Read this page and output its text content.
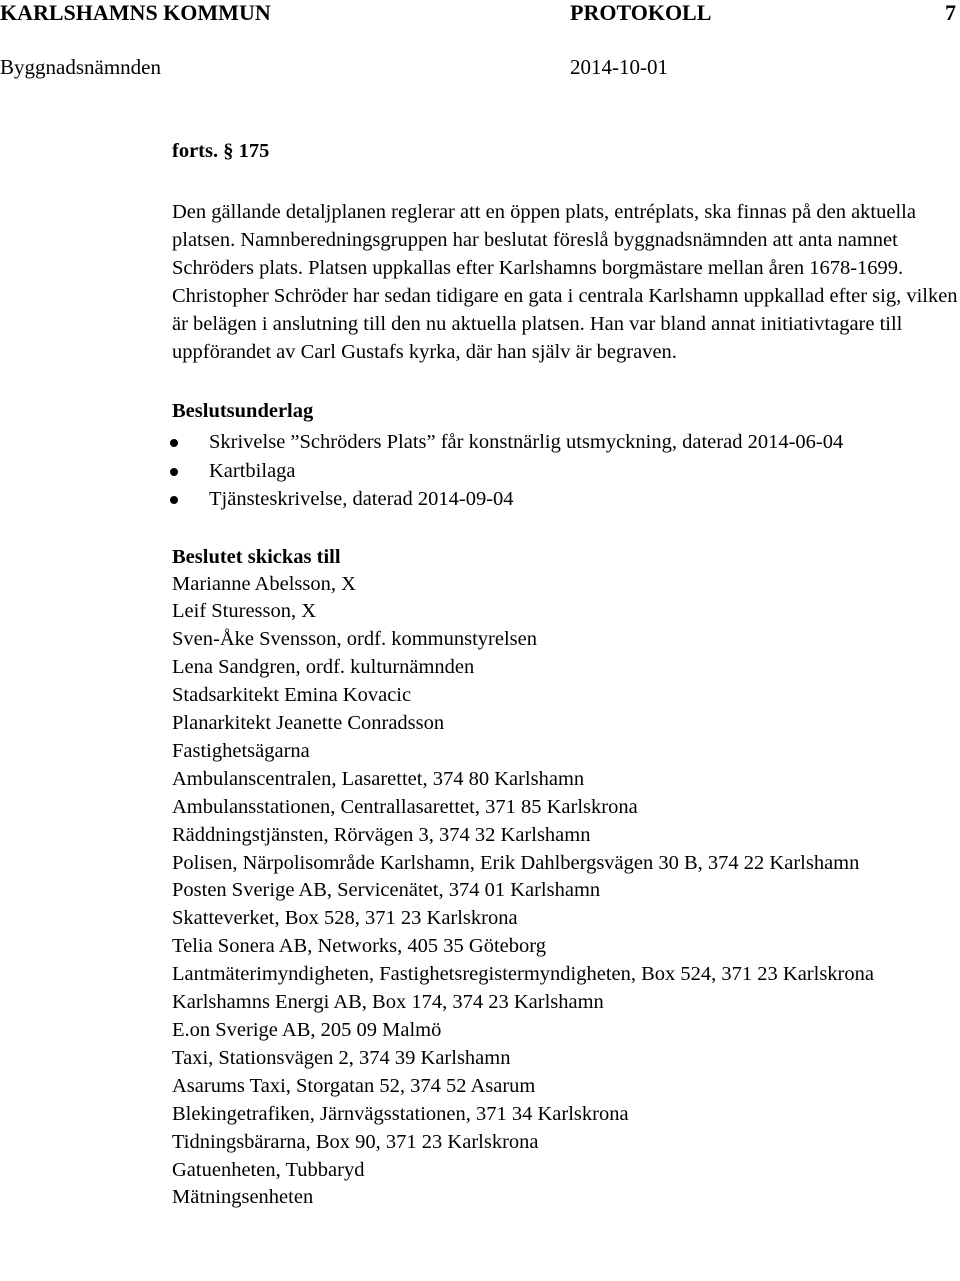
KARLSHAMNS KOMMUN	PROTOKOLL	7
Byggnadsnämnden	2014-10-01
forts. § 175
Den gällande detaljplanen reglerar att en öppen plats, entréplats, ska finnas på den aktuella platsen. Namnberedningsgruppen har beslutat föreslå byggnadsnämnden att anta namnet Schröders plats. Platsen uppkallas efter Karlshamns borgmästare mellan åren 1678-1699. Christopher Schröder har sedan tidigare en gata i centrala Karlshamn uppkallad efter sig, vilken är belägen i anslutning till den nu aktuella platsen. Han var bland annat initiativtagare till uppförandet av Carl Gustafs kyrka, där han själv är begraven.
Beslutsunderlag
Skrivelse ”Schröders Plats” får konstnärlig utsmyckning, daterad 2014-06-04
Kartbilaga
Tjänsteskrivelse, daterad 2014-09-04
Beslutet skickas till
Marianne Abelsson, X
Leif Sturesson, X
Sven-Åke Svensson, ordf. kommunstyrelsen
Lena Sandgren, ordf. kulturnämnden
Stadsarkitekt Emina Kovacic
Planarkitekt Jeanette Conradsson
Fastighetsägarna
Ambulanscentralen, Lasarettet, 374 80 Karlshamn
Ambulansstationen, Centrallasarettet, 371 85 Karlskrona
Räddningstjänsten, Rörvägen 3, 374 32 Karlshamn
Polisen, Närpolisområde Karlshamn, Erik Dahlbergsvägen 30 B, 374 22 Karlshamn
Posten Sverige AB, Servicenätet, 374 01 Karlshamn
Skatteverket, Box 528, 371 23 Karlskrona
Telia Sonera AB, Networks, 405 35 Göteborg
Lantmäterimyndigheten, Fastighetsregistermyndigheten, Box 524, 371 23 Karlskrona
Karlshamns Energi AB, Box 174, 374 23 Karlshamn
E.on Sverige AB, 205 09 Malmö
Taxi, Stationsvägen 2, 374 39 Karlshamn
Asarums Taxi, Storgatan 52, 374 52 Asarum
Blekingetrafiken, Järnvägsstationen, 371 34 Karlskrona
Tidningsbärarna, Box 90, 371 23 Karlskrona
Gatuenheten, Tubbaryd
Mätningsenheten
